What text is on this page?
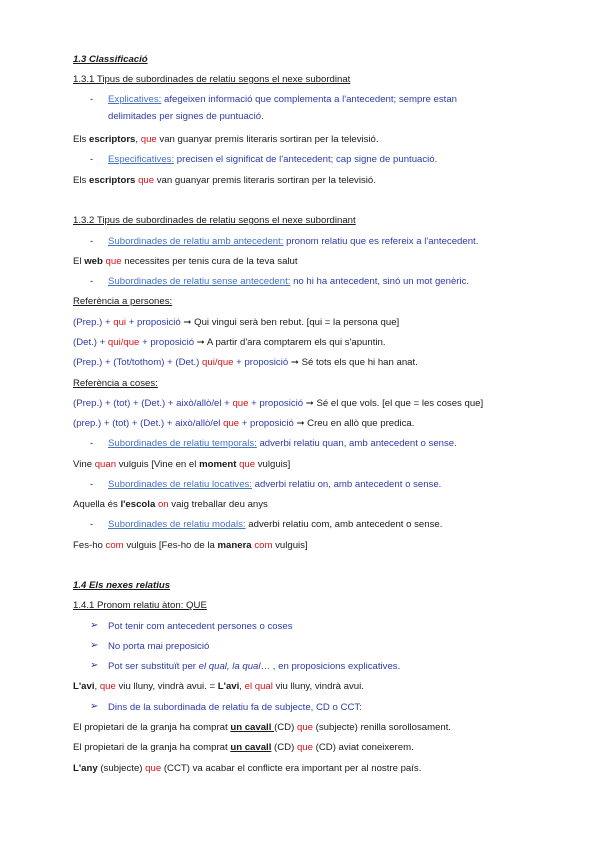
1.3 Classificació
1.3.1 Tipus de subordinades de relatiu segons el nexe subordinat
- Explicatives: afegeixen informació que complementa a l'antecedent; sempre estan
delimitades per signes de puntuació.
Els escriptors, que van guanyar premis literaris sortiran per la televisió.
- Especificatives: precisen el significat de l'antecedent; cap signe de puntuació.
Els escriptors que van guanyar premis literaris sortiran per la televisió.
1.3.2 Tipus de subordinades de relatiu segons el nexe subordinant
- Subordinades de relatiu amb antecedent: pronom relatiu que es refereix a l'antecedent.
El web que necessites per tenis cura de la teva salut
- Subordinades de relatiu sense antecedent: no hi ha antecedent, sinó un mot genèric.
Referència a persones:
(Prep.) + qui + proposició ➞ Qui vingui serà ben rebut. [qui = la persona que]
(Det.) + qui/que + proposició ➞ A partir d'ara comptarem els qui s'apuntin.
(Prep.) + (Tot/tothom) + (Det.) qui/que + proposició ➞ Sé tots els que hi han anat.
Referència a coses:
(Prep.) + (tot) + (Det.) + això/allò/el + que + proposició ➞ Sé el que vols. [el que = les coses que]
(prep.) + (tot) + (Det.) + això/allò/el que + proposició ➞ Creu en allò que predica.
- Subordinades de relatiu temporals: adverbi relatiu quan, amb antecedent o sense.
Vine quan vulguis [Vine en el moment que vulguis]
- Subordinades de relatiu locatives: adverbi relatiu on, amb antecedent o sense.
Aquella és l'escola on vaig treballar deu anys
- Subordinades de relatiu modals: adverbi relatiu com, amb antecedent o sense.
Fes-ho com vulguis [Fes-ho de la manera com vulguis]
1.4 Els nexes relatius
1.4.1 Pronom relatiu àton: QUE
➢ Pot tenir com antecedent persones o coses
➢ No porta mai preposició
➢ Pot ser substituït per el qual, la qual… , en proposicions explicatives.
L'avi, que viu lluny, vindrà avui. = L'avi, el qual viu lluny, vindrà avui.
➢ Dins de la subordinada de relatiu fa de subjecte, CD o CCT:
El propietari de la granja ha comprat un cavall (CD) que (subjecte) renilla sorollosament.
El propietari de la granja ha comprat un cavall (CD) que (CD) aviat coneixerem.
L'any (subjecte) que (CCT) va acabar el conflicte era important per al nostre país.
